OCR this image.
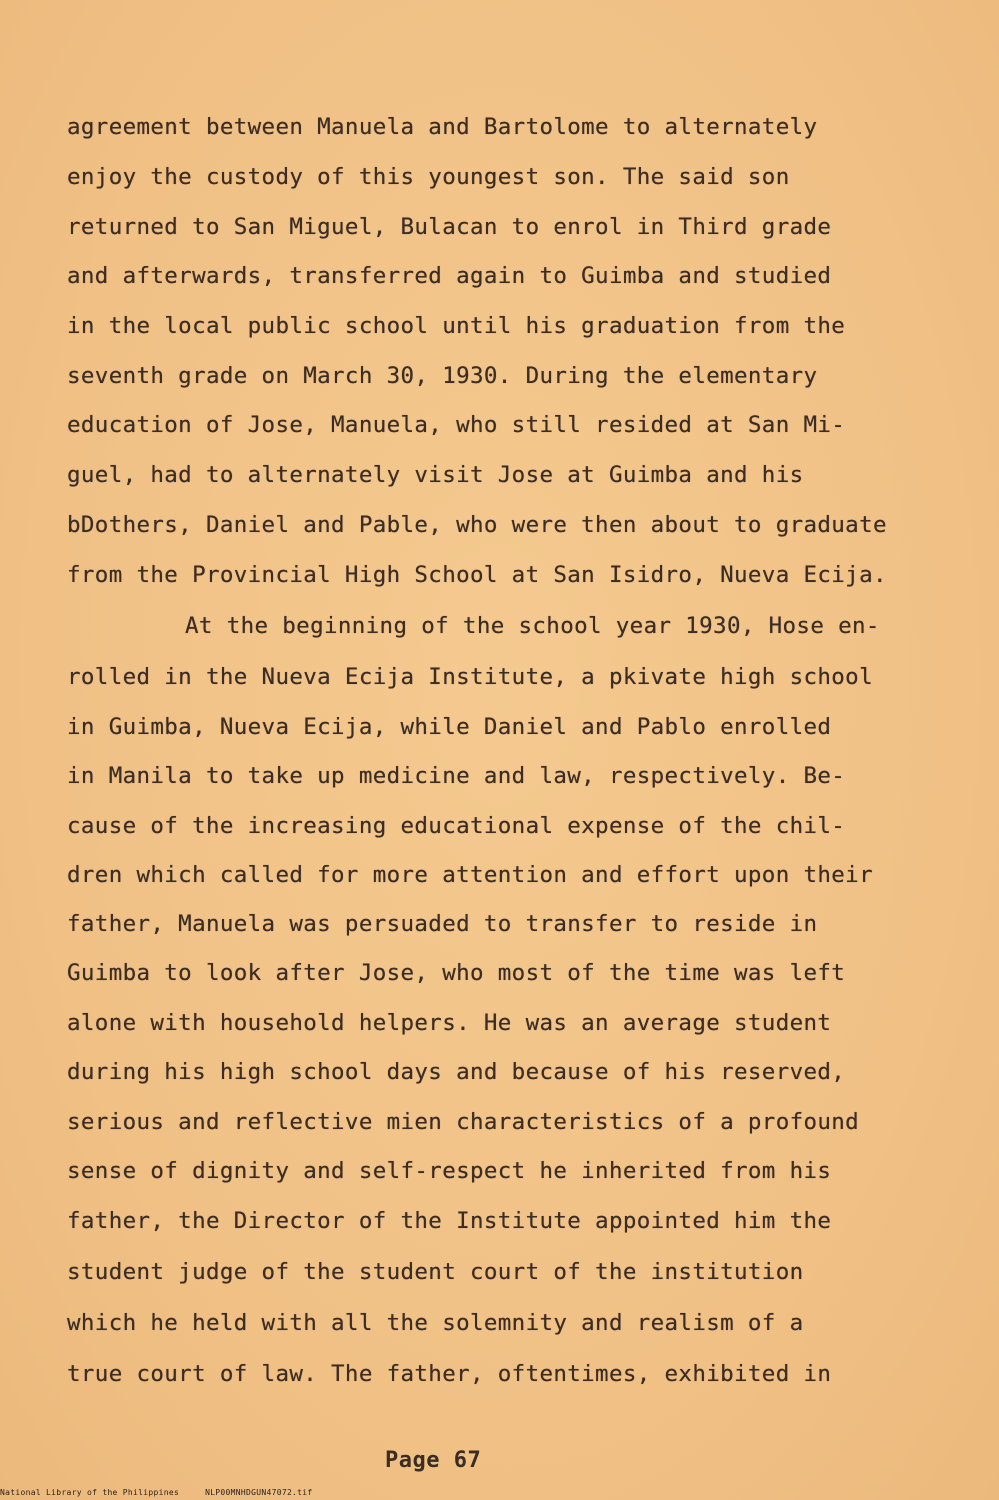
agreement between Manuela and Bartolome to alternately
enjoy the custody of this youngest son. The said son
returned to San Miguel, Bulacan to enrol in Third grade
and afterwards, transferred again to Guimba and studied
in the local public school until his graduation from the
seventh grade on March 30, 1930. During the elementary
education of Jose, Manuela, who still resided at San Mi-
guel, had to alternately visit Jose at Guimba and his
bDothers, Daniel and Pable, who were then about to graduate
from the Provincial High School at San Isidro, Nueva Ecija.
At the beginning of the school year 1930, Hose en-
rolled in the Nueva Ecija Institute, a pkivate high school
in Guimba, Nueva Ecija, while Daniel and Pablo enrolled
in Manila to take up medicine and law, respectively. Be-
cause of the increasing educational expense of the chil-
dren which called for more attention and effort upon their
father, Manuela was persuaded to transfer to reside in
Guimba to look after Jose, who most of the time was left
alone with household helpers. He was an average student
during his high school days and because of his reserved,
serious and reflective mien characteristics of a profound
sense of dignity and self-respect he inherited from his
father, the Director of the Institute appointed him the
student judge of the student court of the institution
which he held with all the solemnity and realism of a
true court of law. The father, oftentimes, exhibited in
Page 67
National Library of the Philippines	NLP00MNHDGUN47072.tif
